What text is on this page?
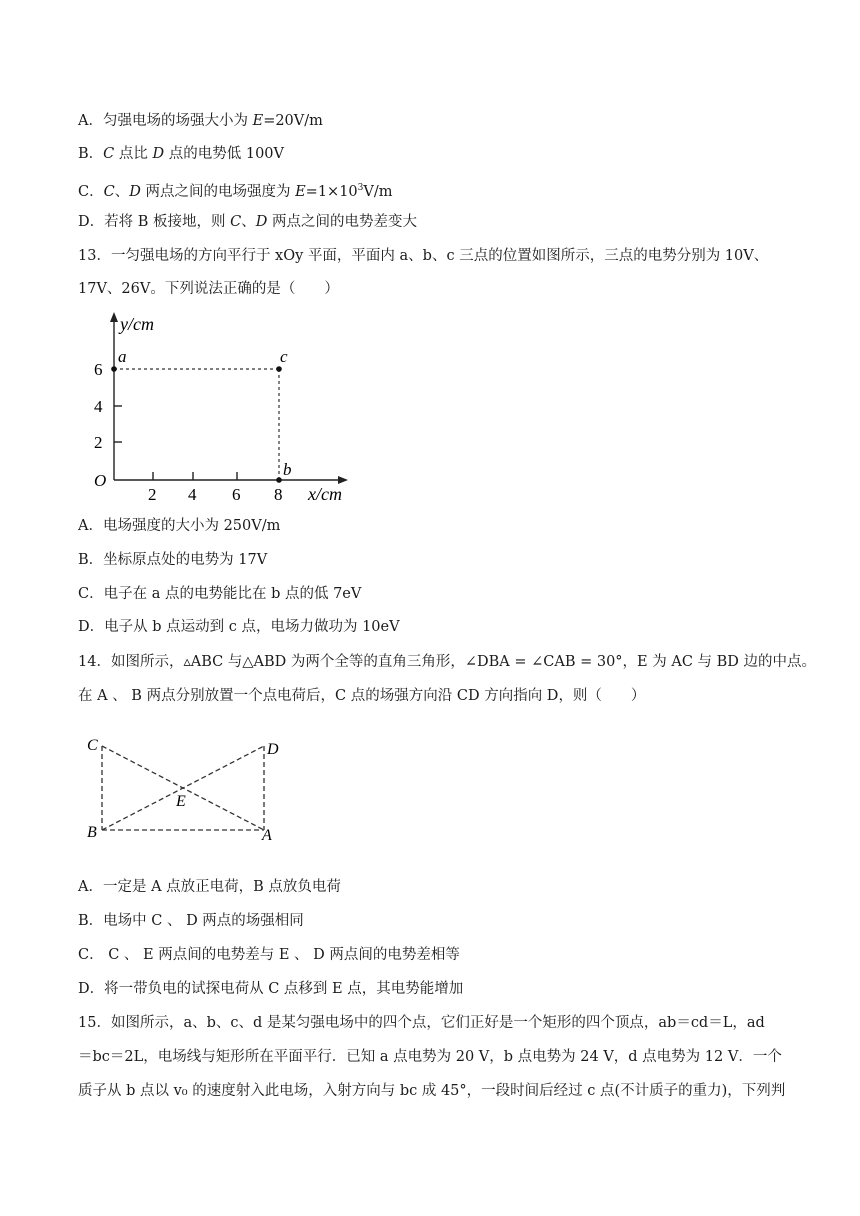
A．匀强电场的场强大小为 E=20V/m
B．C 点比 D 点的电势低 100V
C．C、D 两点之间的电场强度为 $E=1\times 10^3V/m$
D．若将 B 板接地，则 C、D 两点之间的电势差变大
13．一匀强电场的方向平行于 xOy 平面，平面内 a、b、c 三点的位置如图所示，三点的电势分别为 10V、
17V、26V。下列说法正确的是（　　）
y/cm
x/cm
O
2
4
6
2 4 6 8
a	c
b
A．电场强度的大小为 250V/m
B．坐标原点处的电势为 17V
C．电子在 a 点的电势能比在 b 点的低 7eV
D．电子从 b 点运动到 c 点，电场力做功为 10eV
14．如图所示，▵ABC 与△ABD 为两个全等的直角三角形，∠DBA = ∠CAB = 30°，E 为 AC 与 BD 边的中点。
在 A 、 B 两点分别放置一个点电荷后，C 点的场强方向沿 CD 方向指向 D，则（　　）
C	D
E
B	A
A．一定是 A 点放正电荷，B 点放负电荷
B．电场中 C 、 D 两点的场强相同
C． C 、 E 两点间的电势差与 E 、 D 两点间的电势差相等
D．将一带负电的试探电荷从 C 点移到 E 点，其电势能增加
15．如图所示，a、b、c、d 是某匀强电场中的四个点，它们正好是一个矩形的四个顶点，ab＝cd＝L，ad
＝bc＝2L，电场线与矩形所在平面平行．已知 a 点电势为 20 V，b 点电势为 24 V，d 点电势为 12 V．一个
质子从 b 点以 v₀ 的速度射入此电场，入射方向与 bc 成 45°，一段时间后经过 c 点(不计质子的重力)，下列判
